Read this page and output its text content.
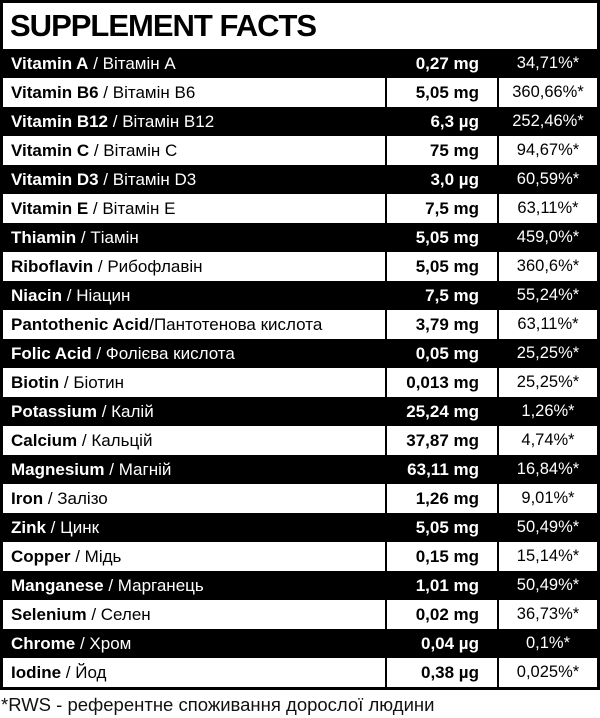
SUPPLEMENT FACTS
Vitamin A / Вітамін A	0,27 mg	34,71%*
Vitamin B6 / Вітамін B6	5,05 mg	360,66%*
Vitamin B12 / Вітамін B12	6,3 µg	252,46%*
Vitamin C / Вітамін C	75 mg	94,67%*
Vitamin D3 / Вітамін D3	3,0 µg	60,59%*
Vitamin E / Вітамін E	7,5 mg	63,11%*
Thiamin / Тіамін	5,05 mg	459,0%*
Riboflavin / Рибофлавін	5,05 mg	360,6%*
Niacin / Ніацин	7,5 mg	55,24%*
Pantothenic Acid / Пантотенова кислота	3,79 mg	63,11%*
Folic Acid / Фолієва кислота	0,05 mg	25,25%*
Biotin / Біотин	0,013 mg	25,25%*
Potassium / Калій	25,24 mg	1,26%*
Calcium / Кальцій	37,87 mg	4,74%*
Magnesium / Магній	63,11 mg	16,84%*
Iron / Залізо	1,26 mg	9,01%*
Zink / Цинк	5,05 mg	50,49%*
Copper / Мідь	0,15 mg	15,14%*
Manganese / Марганець	1,01 mg	50,49%*
Selenium / Селен	0,02 mg	36,73%*
Chrome / Хром	0,04 µg	0,1%*
Iodine / Йод	0,38 µg	0,025%*
*RWS - референтне споживання дорослої людини
